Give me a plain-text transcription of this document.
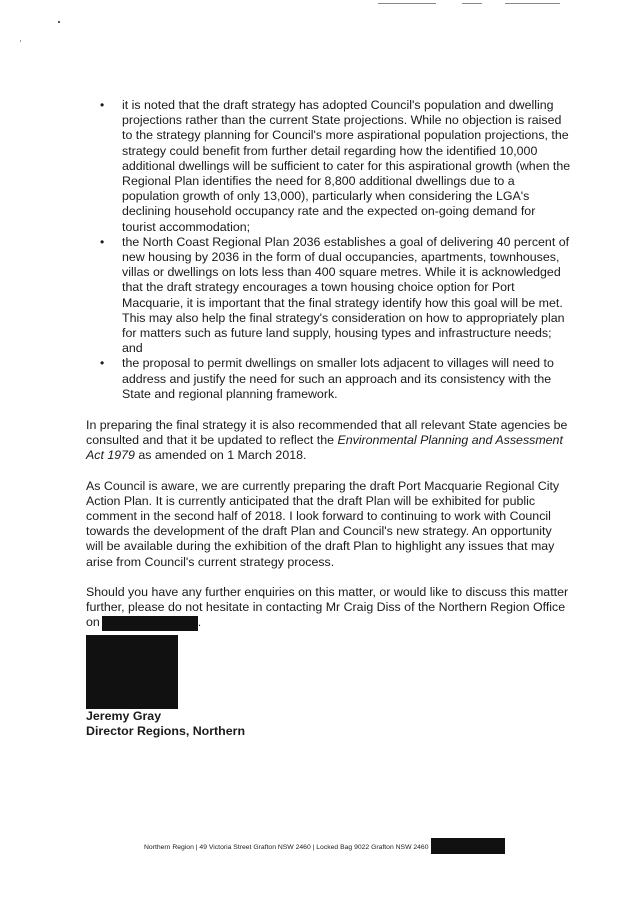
• it is noted that the draft strategy has adopted Council's population and dwelling projections rather than the current State projections. While no objection is raised to the strategy planning for Council's more aspirational population projections, the strategy could benefit from further detail regarding how the identified 10,000 additional dwellings will be sufficient to cater for this aspirational growth (when the Regional Plan identifies the need for 8,800 additional dwellings due to a population growth of only 13,000), particularly when considering the LGA's declining household occupancy rate and the expected on-going demand for tourist accommodation;
• the North Coast Regional Plan 2036 establishes a goal of delivering 40 percent of new housing by 2036 in the form of dual occupancies, apartments, townhouses, villas or dwellings on lots less than 400 square metres. While it is acknowledged that the draft strategy encourages a town housing choice option for Port Macquarie, it is important that the final strategy identify how this goal will be met. This may also help the final strategy's consideration on how to appropriately plan for matters such as future land supply, housing types and infrastructure needs; and
• the proposal to permit dwellings on smaller lots adjacent to villages will need to address and justify the need for such an approach and its consistency with the State and regional planning framework.

In preparing the final strategy it is also recommended that all relevant State agencies be consulted and that it be updated to reflect the Environmental Planning and Assessment Act 1979 as amended on 1 March 2018.

As Council is aware, we are currently preparing the draft Port Macquarie Regional City Action Plan. It is currently anticipated that the draft Plan will be exhibited for public comment in the second half of 2018. I look forward to continuing to work with Council towards the development of the draft Plan and Council's new strategy. An opportunity will be available during the exhibition of the draft Plan to highlight any issues that may arise from Council's current strategy process.

Should you have any further enquiries on this matter, or would like to discuss this matter further, please do not hesitate in contacting Mr Craig Diss of the Northern Region Office on	.

Jeremy Gray
Director Regions, Northern
Northern Region | 49 Victoria Street Grafton NSW 2460 | Locked Bag 9022 Grafton NSW 2460
